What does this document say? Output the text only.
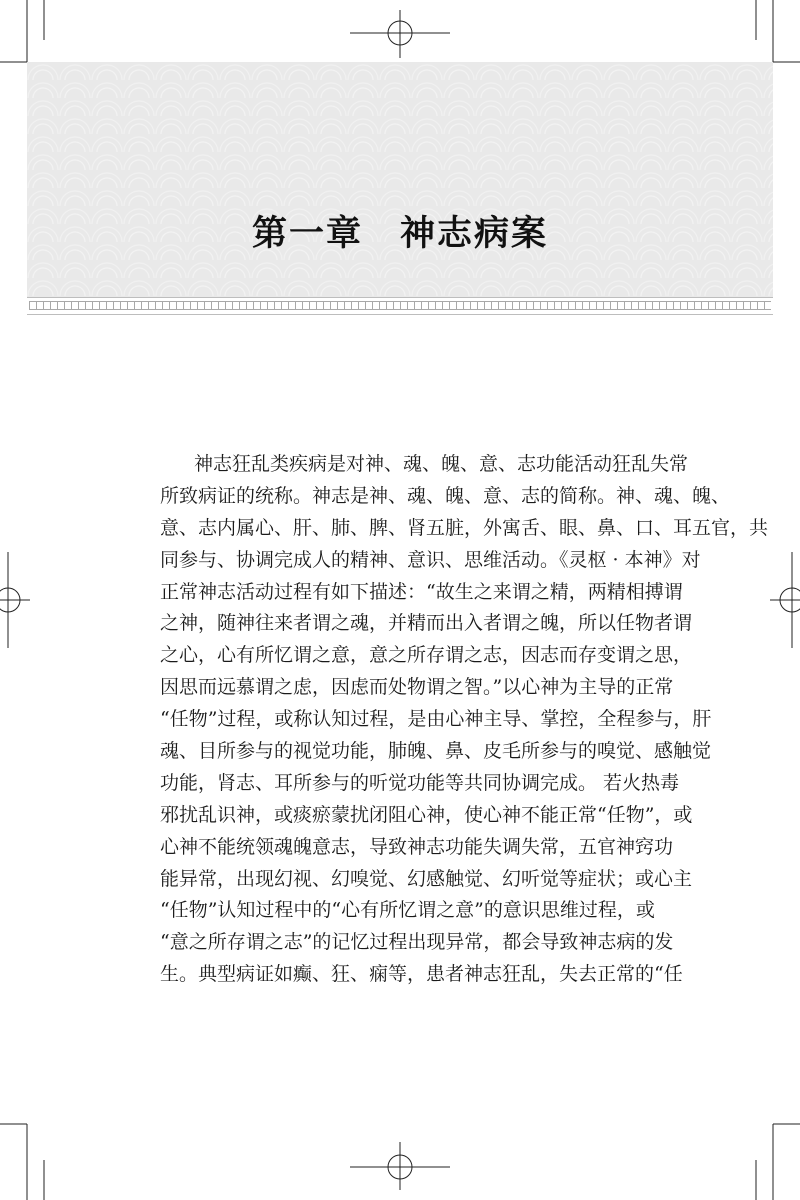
第一章　神志病案
神志狂乱类疾病是对神、魂、魄、意、志功能活动狂乱失常
所致病证的统称。神志是神、魂、魄、意、志的简称。神、魂、魄、
意、志内属心、肝、肺、脾、肾五脏，外寓舌、眼、鼻、口、耳五官，共
同参与、协调完成人的精神、意识、思维活动。《灵枢 · 本神》对
正常神志活动过程有如下描述：“故生之来谓之精，两精相搏谓
之神，随神往来者谓之魂，并精而出入者谓之魄，所以任物者谓
之心，心有所忆谓之意，意之所存谓之志，因志而存变谓之思，
因思而远慕谓之虑，因虑而处物谓之智。”以心神为主导的正常
“任物”过程，或称认知过程，是由心神主导、掌控，全程参与，肝
魂、目所参与的视觉功能，肺魄、鼻、皮毛所参与的嗅觉、感触觉
功能，肾志、耳所参与的听觉功能等共同协调完成。 若火热毒
邪扰乱识神，或痰瘀蒙扰闭阻心神，使心神不能正常“任物”，或
心神不能统领魂魄意志，导致神志功能失调失常，五官神窍功
能异常，出现幻视、幻嗅觉、幻感触觉、幻听觉等症状；或心主
“任物”认知过程中的“心有所忆谓之意”的意识思维过程，或
“意之所存谓之志”的记忆过程出现异常，都会导致神志病的发
生。典型病证如癫、狂、痫等，患者神志狂乱，失去正常的“任
